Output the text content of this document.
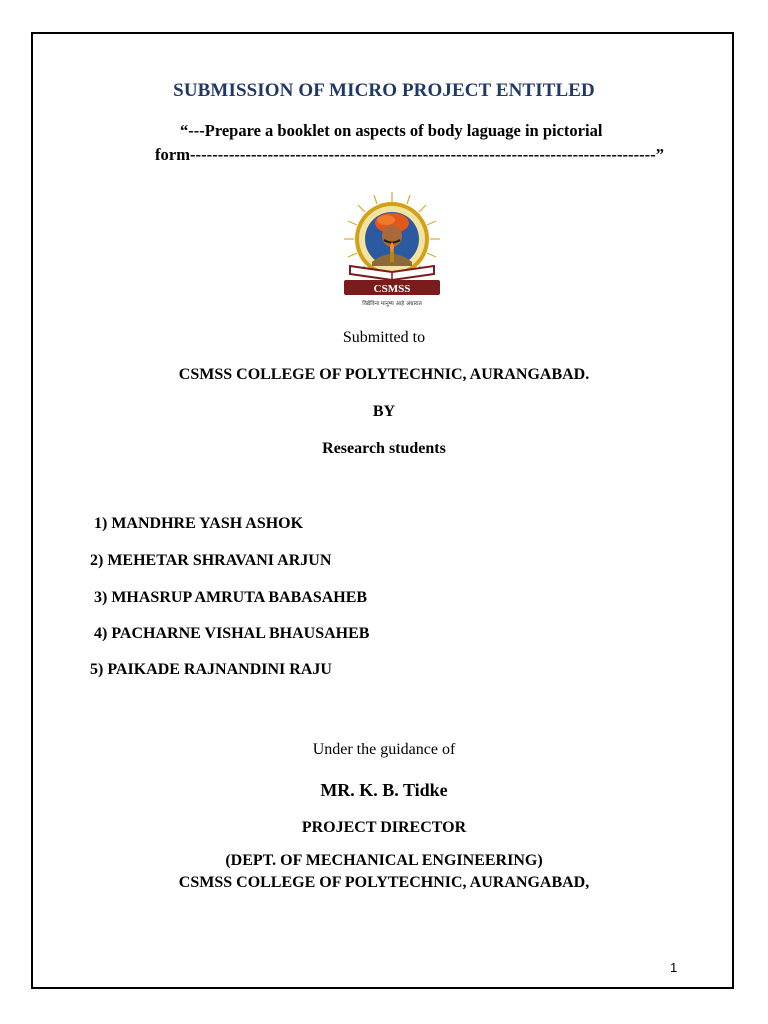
SUBMISSION OF MICRO PROJECT ENTITLED
“---Prepare a booklet on aspects of body laguage in pictorial
form------------------------------------------------------------------------------------”
CSMSS
विद्येविना मानुष्य आहे अंधारात
Submitted to
CSMSS COLLEGE OF POLYTECHNIC, AURANGABAD.
BY
Research students
1) MANDHRE YASH ASHOK
2) MEHETAR SHRAVANI ARJUN
3) MHASRUP AMRUTA BABASAHEB
4) PACHARNE VISHAL BHAUSAHEB
5) PAIKADE RAJNANDINI RAJU
Under the guidance of
MR. K. B. Tidke
PROJECT DIRECTOR
(DEPT. OF MECHANICAL ENGINEERING)
CSMSS COLLEGE OF POLYTECHNIC, AURANGABAD,
1
